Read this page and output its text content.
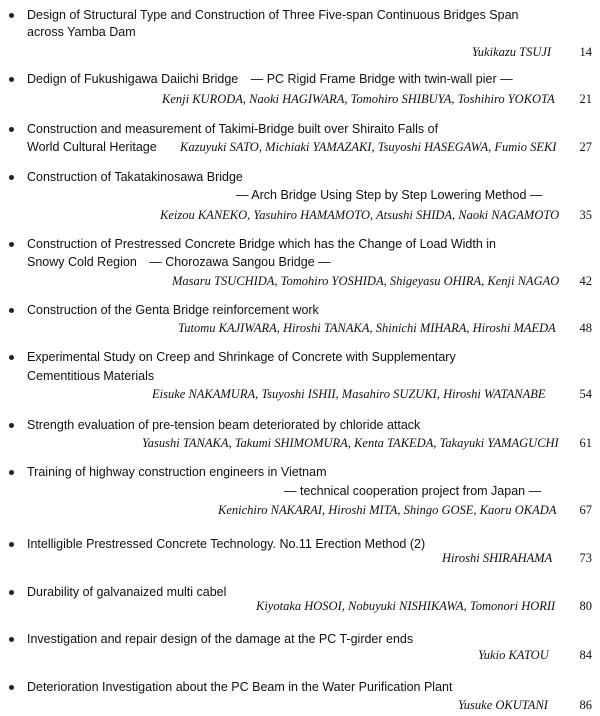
Design of Structural Type and Construction of Three Five-span Continuous Bridges Span
across Yamba Dam
Yukikazu TSUJI	14
Dedign of Fukushigawa Daiichi Bridge　— PC Rigid Frame Bridge with twin-wall pier —
Kenji KURODA, Naoki HAGIWARA, Tomohiro SHIBUYA, Toshihiro YOKOTA	21
Construction and measurement of Takimi-Bridge built over Shiraito Falls of
World Cultural Heritage Kazuyuki SATO, Michiaki YAMAZAKI, Tsuyoshi HASEGAWA, Fumio SEKI	27
Construction of Takatakinosawa Bridge
— Arch Bridge Using Step by Step Lowering Method —
Keizou KANEKO, Yasuhiro HAMAMOTO, Atsushi SHIDA, Naoki NAGAMOTO	35
Construction of Prestressed Concrete Bridge which has the Change of Load Width in
Snowy Cold Region　— Chorozawa Sangou Bridge —
Masaru TSUCHIDA, Tomohiro YOSHIDA, Shigeyasu OHIRA, Kenji NAGAO	42
Construction of the Genta Bridge reinforcement work
Tutomu KAJIWARA, Hiroshi TANAKA, Shinichi MIHARA, Hiroshi MAEDA	48
Experimental Study on Creep and Shrinkage of Concrete with Supplementary
Cementitious Materials
Eisuke NAKAMURA, Tsuyoshi ISHII, Masahiro SUZUKI, Hiroshi WATANABE	54
Strength evaluation of pre-tension beam deteriorated by chloride attack
Yasushi TANAKA, Takumi SHIMOMURA, Kenta TAKEDA, Takayuki YAMAGUCHI	61
Training of highway construction engineers in Vietnam
— technical cooperation project from Japan —
Kenichiro NAKARAI, Hiroshi MITA, Shingo GOSE, Kaoru OKADA	67
Intelligible Prestressed Concrete Technology. No.11 Erection Method (2)
Hiroshi SHIRAHAMA	73
Durability of galvanaized multi cabel
Kiyotaka HOSOI, Nobuyuki NISHIKAWA, Tomonori HORII	80
Investigation and repair design of the damage at the PC T-girder ends
Yukio KATOU	84
Deterioration Investigation about the PC Beam in the Water Purification Plant
Yusuke OKUTANI	86
